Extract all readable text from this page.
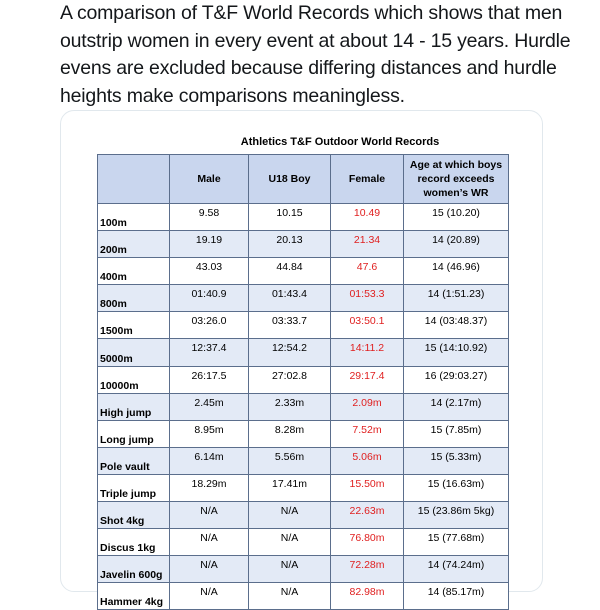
A comparison of T&F World Records which shows that men outstrip women in every event at about 14 - 15 years. Hurdle evens are excluded because differing distances and hurdle heights make comparisons meaningless.
Athletics T&F Outdoor World Records
	Male	U18 Boy	Female	Age at which boys record exceeds women’s WR
100m	9.58	10.15	10.49	15 (10.20)
200m	19.19	20.13	21.34	14 (20.89)
400m	43.03	44.84	47.6	14 (46.96)
800m	01:40.9	01:43.4	01:53.3	14 (1:51.23)
1500m	03:26.0	03:33.7	03:50.1	14 (03:48.37)
5000m	12:37.4	12:54.2	14:11.2	15 (14:10.92)
10000m	26:17.5	27:02.8	29:17.4	16 (29:03.27)
High jump	2.45m	2.33m	2.09m	14 (2.17m)
Long jump	8.95m	8.28m	7.52m	15 (7.85m)
Pole vault	6.14m	5.56m	5.06m	15 (5.33m)
Triple jump	18.29m	17.41m	15.50m	15 (16.63m)
Shot 4kg	N/A	N/A	22.63m	15 (23.86m 5kg)
Discus 1kg	N/A	N/A	76.80m	15 (77.68m)
Javelin 600g	N/A	N/A	72.28m	14 (74.24m)
Hammer 4kg	N/A	N/A	82.98m	14 (85.17m)
